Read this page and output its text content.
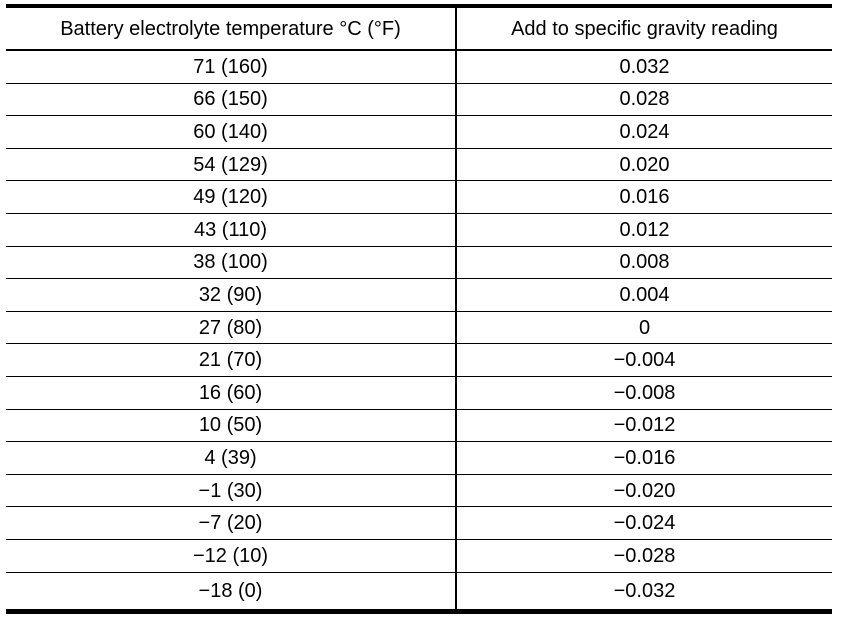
Battery electrolyte temperature °C (°F)	Add to specific gravity reading
71 (160)	0.032
66 (150)	0.028
60 (140)	0.024
54 (129)	0.020
49 (120)	0.016
43 (110)	0.012
38 (100)	0.008
32 (90)	0.004
27 (80)	0
21 (70)	−0.004
16 (60)	−0.008
10 (50)	−0.012
4 (39)	−0.016
−1 (30)	−0.020
−7 (20)	−0.024
−12 (10)	−0.028
−18 (0)	−0.032
